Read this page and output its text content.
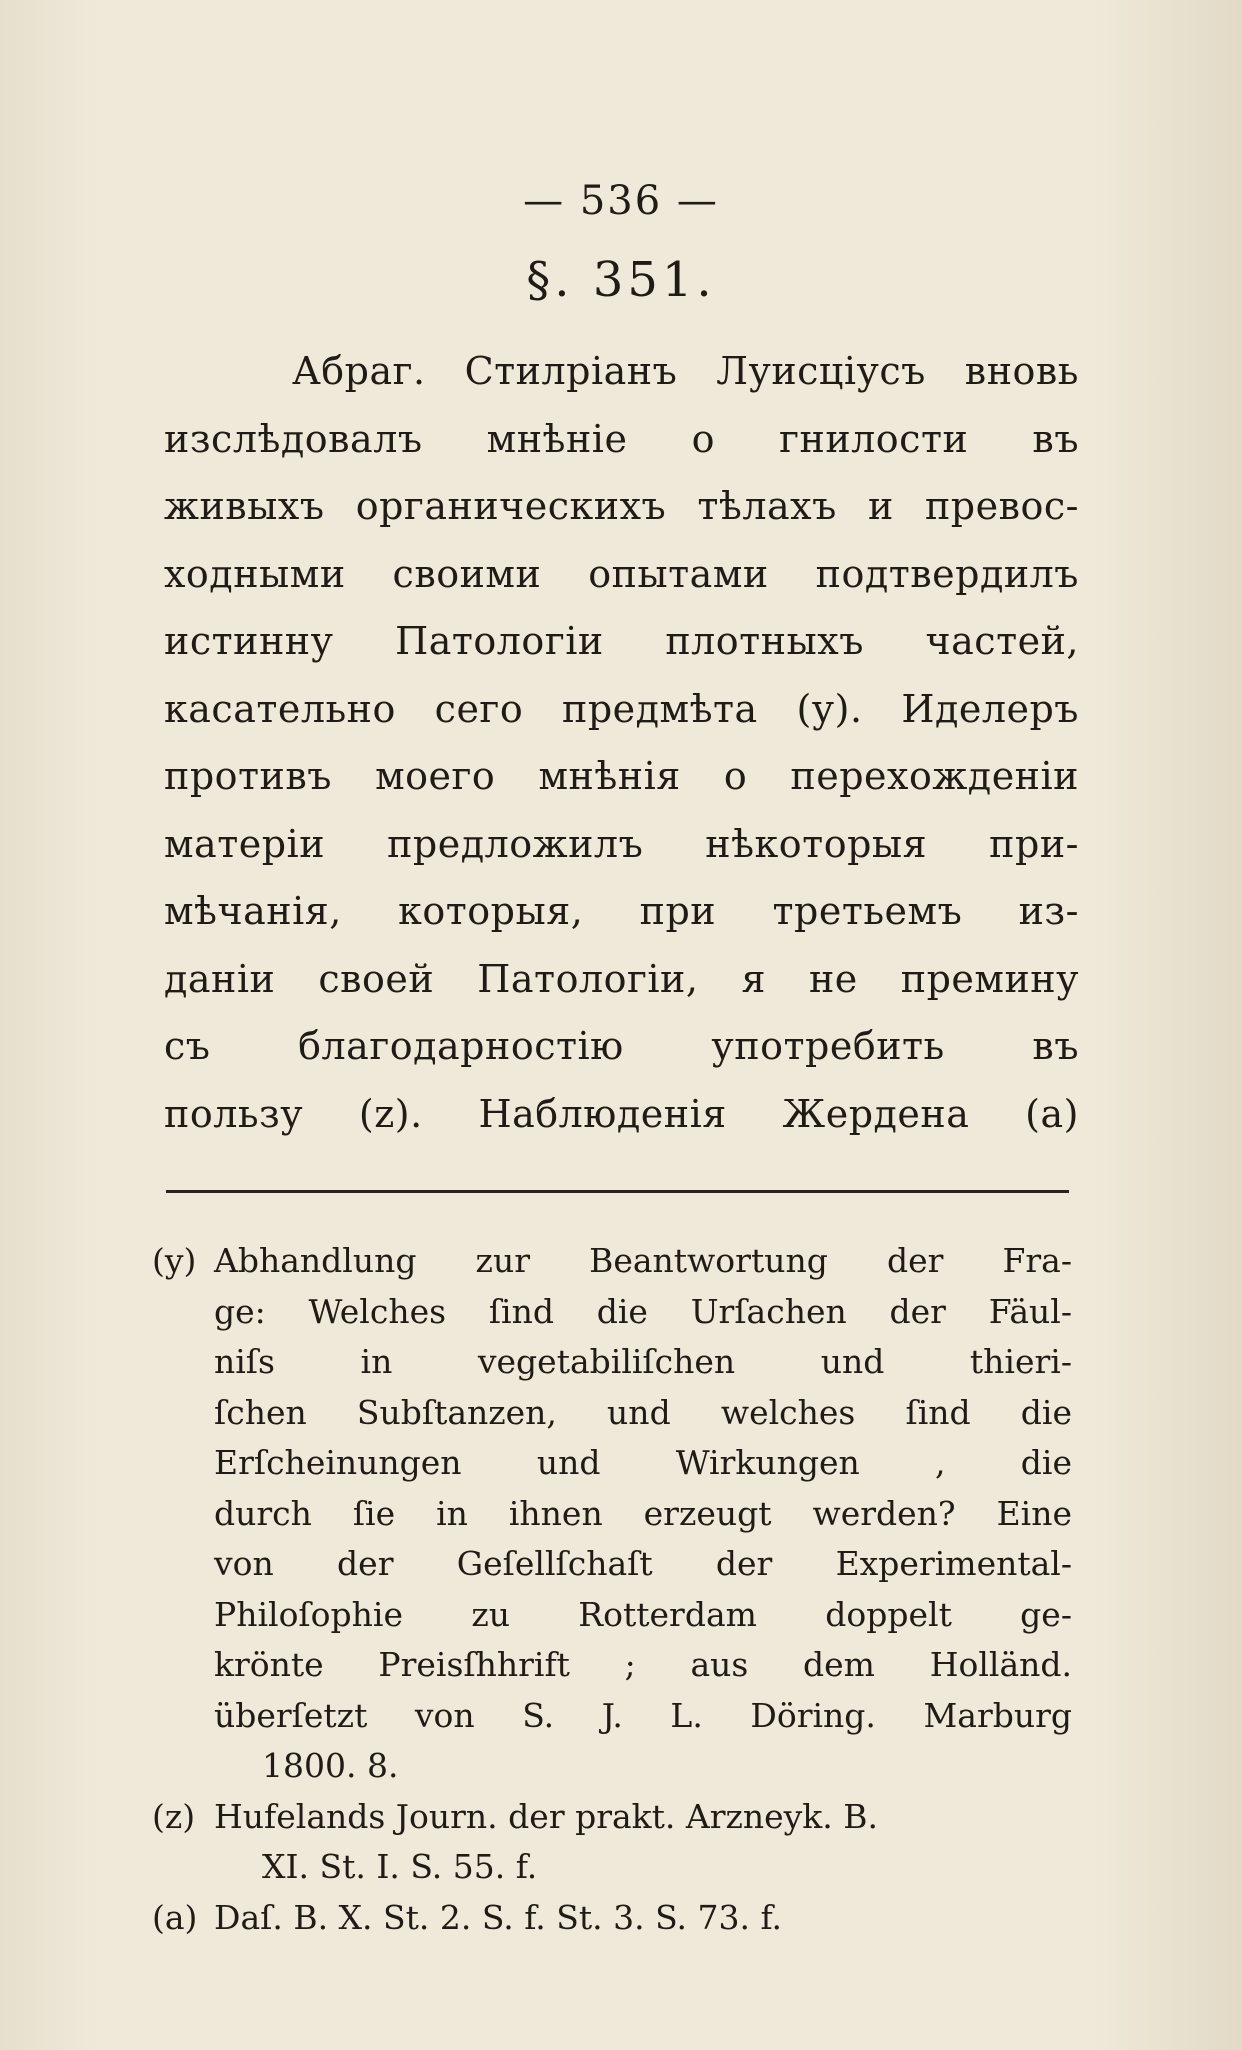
— 536 —
§. 351.
Абраг. Стилріанъ Луисціусъ вновь
изслѣдовалъ мнѣніе о гнилости въ
живыхъ органическихъ тѣлахъ и превос-
ходными своими опытами подтвердилъ
истинну Патологіи плотныхъ частей,
касательно сего предмѣта (у). Иделеръ
противъ моего мнѣнія о перехожденіи
матеріи предложилъ нѣкоторыя при-
мѣчанія, которыя, при третьемъ из-
даніи своей Патологіи, я не премину
съ благодарностію употребить въ
пользу (z). Наблюденія Жердена (а)
(y) Abhandlung zur Beantwortung der Fra-
ge: Welches ſind die Urſachen der Fäul-
niſs in vegetabiliſchen und thieri-
ſchen Subſtanzen, und welches ſind die
Erſcheinungen und Wirkungen , die
durch ſie in ihnen erzeugt werden? Eine
von der Geſellſchaſt der Experimental-
Philoſophie zu Rotterdam doppelt ge-
krönte Preisſhhrift ; aus dem Holländ.
überſetzt von S. J. L. Döring. Marburg
1800. 8.
(z) Hufelands Journ. der prakt. Arzneyk. B.
XI. St. I. S. 55. f.
(a) Daſ. B. X. St. 2. S. f. St. 3. S. 73. f.
